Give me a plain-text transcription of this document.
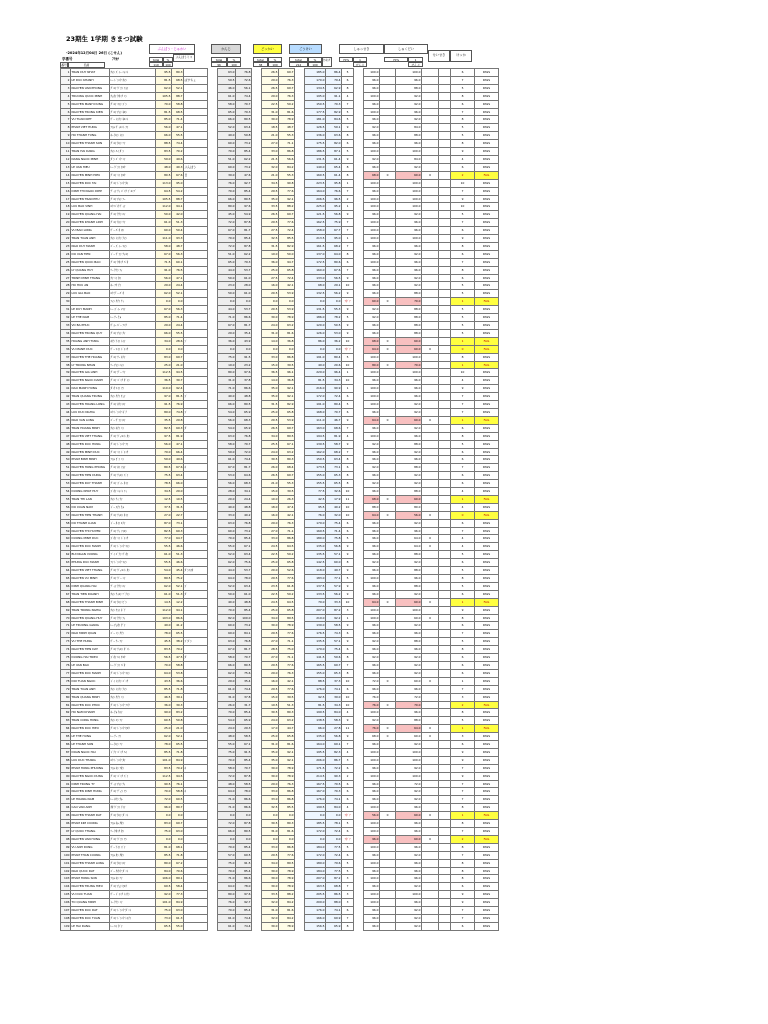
23期生 1学期 きまつ試験
-2024年12月04日 26日 (こせん)
学番号	ﾌﾘｶﾅ
ぶんぽう・じゅかい	かんじ	どっかい	ごうけい	しゅっせき	しゅくだい
せいせき	けっか
total	%
ぶんぽうミス
119	100
total	%
96	100
total	%
38	100
total	%	ﾗﾝｷﾝｸﾞ
214	100
70%	1
ぜんぶ
70%	1
ぜんぶ
番号	名前
1	TRAN DUY NHAT	ﾁｬﾝ ｽﾞｲｰ ﾆｬｯﾄ	95.5	80.3			63.0	76.8		26.5	69.7		185.0	86.4	5		100.0		100.0			6	PASS
2	LE DUC KHANH	ﾚｰ ﾄﾞｩｯｸ ｶｲﾝ	81.5	68.5	ばすちょ		59.5	72.6		29.0	76.3		170.0	79.4	6		96.0		96.0			7	PASS
3	NGUYEN VAN PHONG	ｸﾞｴﾝ ｳﾞｧﾝ ﾌｫﾝ	62.0	52.1			46.0	56.1		26.5	69.7		134.5	62.9	8		96.0		88.0			5	PASS
4	TRUONG QUOC MINH	ﾁｭｵﾝ ｸｵｯｸ ﾐﾝ	105.5	88.7			61.0	74.4		29.0	76.3		195.0	91.1	4		100.0		92.0			8	PASS
5	NGUYEN MANH DUNG	ｸﾞｴﾝ ﾏｲﾝ ｽﾞﾝ	70.0	58.8			58.0	70.7		22.5	59.2		150.5	70.3	7		96.0		92.0			6	PASS
6	NGUYEN TRONG KIEN	ｸﾞｴﾝ ﾁｮﾝ ｷｴﾝ	81.5	68.5			65.0	79.3		31.0	81.6		177.5	82.9	5		100.0		96.0			7	PASS
7	VU TUAN KIET	ｳﾞｰ ﾄｩｱﾝ ｷｴｯﾄ	85.0	71.4			66.0	80.5		30.0	78.9		181.0	84.6	5		96.0		92.0			8	PASS
8	PHAM VIET HUNG	ﾌｧﾑ ｳﾞｨｴｯﾄ ﾌﾝ	56.0	47.1			52.0	63.4		18.5	48.7		126.5	59.1	9		92.0		84.0			5	PASS
9	HO THANH TUNG	ﾎｰ ﾀｲﾝ ﾄｩﾝ	66.0	55.5			49.0	59.8		21.0	55.3		136.0	63.6	8		96.0		88.0			5	PASS
10	NGUYEN THANH SON	ｸﾞｴﾝ ﾀｲﾝ ｿﾝ	88.5	74.4			60.0	73.2		27.0	71.1		175.5	82.0	6		96.0		96.0			8	PASS
11	TRAN HAI DANG	ﾁｬﾝ ﾊｲ ﾀﾞﾝ	83.5	70.2			70.0	85.4		33.0	86.8		186.5	87.1	5		100.0		100.0			9	PASS
12	DANG NGOC MINH	ﾀﾞﾝ ｺﾞｯｸ ﾐﾝ	59.0	49.6			51.0	62.2		21.5	56.6		131.5	61.4	9		92.0		84.0			4	PASS
13	LE VAN HIEU	ﾚｰ ｳﾞｧﾝ ﾋｴｳ	48.0	40.3	ぶんぽう		60.0	73.2		32.0	84.2		140.0	65.4	8		96.0		92.0			6	PASS
14	NGUYEN MINH HIEU	ｸﾞｴﾝ ﾐﾝ ﾋｴｳ	80.5	67.6	日		39.0	47.6		21.0	55.3		160.5	61.4	8		68.0	0	60.0	0		2	FAIL
15	NGUYEN DUC TAI	ｸﾞｴﾝ ﾄﾞｩｯｸ ﾀｲ	113.0	95.0			76.0	92.7		34.5	90.8		223.5	95.8	1		100.0		100.0			10	PASS
16	DINH THI NGOC DIEP	ﾃﾞｨﾝ ﾃｨ ｺﾞｯｸ ｼﾞｴｯﾌﾟ	64.5	54.2			70.0	85.4		29.5	77.6		164.0	76.6	7		96.0		100.0			7	PASS
17	NGUYEN TRAN PHU	ｸﾞｴﾝ ﾁｬﾝ ﾌｰ	105.5	88.7			66.0	80.5		35.0	92.1		206.5	96.5	2		100.0		100.0			9	PASS
18	LUU BAO VINH	ﾙｳ ﾊﾞｵ ｳﾞｨﾝ	112.0	94.1			80.0	97.6		33.5	88.2		225.0	95.2	1		100.0		100.0			10	PASS
19	NGUYEN QUANG HAI	ｸﾞｴﾝ ｸｱﾝ ﾊｲ	50.0	42.0			45.0	54.9		26.5	69.7		121.5	56.8	9		96.0		92.0			5	PASS
20	NGUYEN KHANH LINH	ｸﾞｴﾝ ｶｲﾝ ﾘﾝ	61.0	51.3			72.0	87.8		29.5	77.6		162.5	75.9	7		100.0		96.0			7	PASS
21	VU BAO LONG	ｳﾞｰ ﾊﾞｵ ﾛﾝ	60.0	50.4			67.0	81.7		27.5	72.4		158.0	67.7	7		100.0		96.0			6	PASS
22	TRAN TUAN ANH	ﾁｬﾝ ﾄｩｱﾝ ｱｲﾝ	111.0	93.3			70.0	85.4		32.5	85.5		213.5	95.0	1		100.0		100.0			9	PASS
23	NGO DUY MANH	ｺﾞｰ ｽﾞｲｰ ﾏｲﾝ	58.0	48.7			72.0	87.8		31.5	82.9		161.5	68.2	7		96.0		96.0			8	PASS
24	DO VAN TIEN	ﾄﾞｰ ｳﾞｧﾝ ﾃｨｴﾝ	67.0	56.3			51.0	62.2		19.0	50.0		137.0	64.0	8		96.0		92.0			6	PASS
25	NGUYEN QUOC BAO	ｸﾞｴﾝ ｸｵｯｸ ﾊﾞｵ	71.5	60.1			65.0	79.3		36.0	94.7		172.5	80.6	6		100.0		96.0			7	PASS
26	LY QUANG HUY	ﾘｰ ｸｱﾝ ﾌｨ	91.0	76.5			44.0	53.7		25.0	65.8		160.0	67.6	7		96.0		96.0			8	PASS
27	TRINH MINH THANG	ﾁﾝ ﾐﾝ ﾀﾝ	56.0	47.1			50.0	61.0		27.5	72.4		133.0	56.5	9		96.0		92.0			6	PASS
28	HO HUU AN	ﾎｰ ﾌｳ ｱﾝ	29.0	24.4			23.0	28.0		16.0	42.1		68.0	29.1	10		96.0		92.0			5	PASS
29	LUU GIA BAO	ﾙｳ ｻﾞｰ ﾊﾞｵ	62.0	52.1			50.0	61.0		20.5	53.9		132.5	56.2	9		96.0		88.0			5	PASS
30		ﾌｨﾝ ｸｱﾝ ﾃｨ	0.0	0.0			0.0	0.0		0.0	0.0		0.0	0.0	ﾌﾀﾞﾌ		60.0	0	70.0			1	FAIL
31	LE DUY MANH	ﾚｰ ｽﾞｲｰ ﾏｲﾝ	67.0	56.3			44.0	53.7		20.5	53.9		131.5	55.3	9		92.0		88.0			5	PASS
32	LE THE NAM	ﾚｰ ﾃｰ ﾅﾑ	85.0	71.4			71.0	86.6		30.0	78.9		186.0	78.2	5		92.0		88.0			5	PASS
33	VO BA PHUC	ｳﾞｫｰ ﾊﾞｰ ﾌｯｸ	29.0	24.4			67.0	81.7		24.0	63.2		120.0	50.5	9		96.0		88.0			5	PASS
34	NGUYEN TRONG QUY	ｸﾞｴﾝ ﾁｮﾝ ｸｲ	66.0	55.5			29.0	35.4		31.0	81.6		126.0	53.0	9		96.0		88.0			5	PASS
35	HOANG ANH TUNG	ﾎｱﾝ ｱｲﾝ ﾄｩﾝ	34.0	28.6	ｼﾞ		36.0	43.9		14.0	36.8		86.0	36.2	10		68.0	0	60.0			1	FAIL
36	VU MANH DUC	ｳﾞｰ ﾏｲﾝ ﾄﾞｩｯｸ	0.0	0.0			0.0	0.0		0.0	0.0		0.0	0.0	ﾌﾀﾞﾌ		64.0	0	60.0	0		0	FAIL
37	NGUYEN THE HOANG	ｸﾞｴﾝ ﾃｰ ﾎｱﾝ	83.0	69.7			75.0	91.5		33.0	86.8		191.0	80.4	5		100.0		100.0			8	PASS
38	LY TRONG NHAN	ﾘｰ ﾁｮﾝ ﾆｬﾝ	25.0	21.0			19.0	23.2		15.0	39.5		49.0	20.6	10		80.0	0	70.0			1	FAIL
39	NGUYEN GIA LINH	ｸﾞｴﾝ ｻﾞｰ ﾘﾝ	112.5	94.5			80.0	97.6		36.5	96.1		229.0	96.4	1		100.0		100.0			10	PASS
40	NGUYEN NGOC DANH	ｸﾞｴﾝ ｺﾞｯｸ ﾀﾞｲﾝ	36.5	30.7			31.0	37.8		14.0	36.8		81.5	34.3	10		96.0		96.0			4	PASS
41	DAO MANH HUNG	ﾀﾞｵ ﾏｲﾝ ﾌﾝ	110.0	92.4			71.0	86.6		35.0	92.1		216.0	90.9	1		100.0		96.0			9	PASS
42	TRAN QUANG TRUNG	ﾁｬﾝ ｸｱﾝ ﾁｭﾝ	97.0	81.5	ｽﾞ		40.0	48.8		35.0	92.1		172.0	72.4	6		100.0		96.0			7	PASS
43	NGUYEN HOANG LONG	ｸﾞｴﾝ ﾎｱﾝ ﾛﾝ	91.5	76.9			66.0	80.5		31.5	82.9		191.0	80.4	5		100.0		92.0			7	PASS
44	LUU DUC NGHIA	ﾙｳ ﾄﾞｩｯｸ ｷﾞｱ	89.0	74.8	ｽﾞ		54.0	65.9		25.0	65.8		168.0	70.7	6		96.0		92.0			7	PASS
45	NGO VAN LONG	ｺﾞｰ ｳﾞｧﾝ ﾛﾝ	35.5	29.8			56.0	68.3		20.5	53.9		111.0	46.7	9		64.0	0	60.0	0		1	FAIL
46	TRAN HOANG MINH	ﾁｬﾝ ﾎｱﾝ ﾐﾝ	82.5	69.3	ﾀﾞ		54.0	65.9		26.5	69.7		163.0	68.6	7		96.0		92.0			6	PASS
47	NGUYEN VIET THANG	ｸﾞｴﾝ ｳﾞｨｴｯﾄ ﾀﾝ	97.5	81.9			63.0	76.8		34.0	89.5		194.5	81.9	4		100.0		96.0			8	PASS
48	NGUYEN DUC HUNG	ｸﾞｴﾝ ﾄﾞｩｯｸ ﾌﾝ	56.0	47.1			58.0	70.7		25.5	67.1		139.5	58.7	9		92.0		88.0			5	PASS
49	NGUYEN MINH DUC	ｸﾞｴﾝ ﾐﾝ ﾄﾞｩｯｸ	79.0	66.4			59.0	72.0		24.0	63.2		162.0	68.2	7		96.0		92.0			6	PASS
50	PHAM BINH MINH	ﾌｧﾑ ﾋﾞﾝ ﾐﾝ	59.0	49.6			61.0	74.4		30.5	80.3		150.5	63.4	8		96.0		96.0			6	PASS
51	NGUYEN HONG PHONG	ｸﾞｴﾝ ﾎﾝ ﾌｫﾝ	80.5	67.6	ﾎ		67.0	81.7		26.0	68.4		173.5	73.1	6		92.0		88.0			7	PASS
52	NGUYEN TIEN DUNG	ｸﾞｴﾝ ﾃｨｴﾝ ｽﾞﾝ	75.5	63.4			53.0	64.6		26.5	69.7		155.0	65.3	8		96.0		92.0			6	PASS
53	NGUYEN DUY THANH	ｸﾞｴﾝ ｽﾞｲｰ ﾀｲﾝ	78.5	66.0			56.0	68.3		21.0	55.3		155.5	65.5	8		92.0		92.0			6	PASS
54	DUONG NHAT HUY	ｽﾞｵﾝ ﾆｬｯﾄ ﾌｨ	34.5	29.0			28.0	34.1		15.0	39.5		77.5	32.6	10		96.0		88.0			4	PASS
55	TRAN THI LAN	ﾁｬﾝ ﾃｨ ﾗﾝ	12.5	10.5			20.0	24.4		10.0	26.3		42.5	17.9	11		68.0	0	60.0			1	FAIL
56	DO XUAN NAM	ﾄﾞｰ ｽｱﾝ ﾅﾑ	37.5	31.5			40.0	48.8		18.0	47.4		95.5	40.2	10		88.0		80.0			4	PASS
57	NGUYEN TIEN THANH	ｸﾞｴﾝ ﾃｨｴﾝ ﾀｲﾝ	27.0	22.7			33.0	40.2		16.0	42.1		76.0	32.0	10		64.0	0	56.0	0		0	FAIL
58	DO THANH LUAN	ﾄﾞｰ ﾀｲﾝ ﾙｱﾝ	87.0	73.1			63.0	76.8		29.0	76.3		179.0	75.4	6		96.0		92.0			6	PASS
59	NGUYEN THI HUYEN	ｸﾞｴﾝ ﾃｨ ﾌｲｴﾝ	82.5	69.3			60.0	73.2		27.0	71.1		169.5	71.4	6		96.0		96.0			7	PASS
60	DUONG MINH DUC	ｽﾞｵﾝ ﾐﾝ ﾄﾞｩｯｸ	77.0	64.7			70.0	85.4		33.0	86.8		180.0	75.8	5		96.0		64.0	0		4	PASS
61	NGUYEN DUC MANH	ｸﾞｴﾝ ﾄﾞｩｯｸ ﾏｲﾝ	55.5	46.6			55.0	67.1		24.5	64.5		135.0	56.8	9		96.0		64.0	0		4	PASS
62	BUI NGAN VUONG	ﾌﾞｲ ｺﾞｱﾝ ｳﾞｵﾝ	61.0	51.3			52.0	63.4		22.5	59.2		135.5	57.1	9		96.0		88.0			5	PASS
63	PHUNG DUC MANH	ﾌﾝ ﾄﾞｩｯｸ ﾏｲﾝ	55.5	46.6			62.0	75.6		25.0	65.8		142.5	60.0	8		92.0		92.0			6	PASS
64	NGUYEN VIET THANG	ｸﾞｴﾝ ｳﾞｨｴｯﾄ ﾀﾝ	54.0	45.4	ﾀﾞﾝｽｽｶ		44.0	53.7		20.0	52.6		118.0	49.7	9		96.0		88.0			5	PASS
65	NGUYEN VU MINH	ｸﾞｴﾝ ｳﾞｰ ﾐﾝ	89.5	75.2			64.0	78.0		29.5	77.6		183.0	77.1	5		100.0		96.0			8	PASS
66	DINH QUANG HAI	ﾃﾞｨﾝ ｸｱﾝ ﾊｲ	62.0	52.1	ｽﾞ		52.0	63.4		23.5	61.8		137.5	57.9	9		96.0		88.0			5	PASS
67	TRAN TIEN DOANH	ﾁｬﾝ ﾃｨｴﾝ ｿﾞｱｲﾝ	61.0	51.3	ﾀﾞ		50.0	61.0		22.5	59.2		133.5	56.2	9		96.0		92.0			6	PASS
68	NGUYEN THANH BINH	ｸﾞｴﾝ ﾀｲﾝ ﾋﾞﾝ	14.5	12.2			40.0	48.8		24.5	64.5		79.0	33.3	10		64.0	0	60.0	0		1	FAIL
69	TRAN TRONG NGHIA	ﾁｬﾝ ﾁｮﾝ ｷﾞｱ	112.0	94.1			70.0	85.4		25.0	65.8		207.0	87.2	3		100.0		100.0			9	PASS
70	NGUYEN QUANG HUY	ｸﾞｴﾝ ｸｱﾝ ﾌｨ	103.0	86.6			82.0	100.0		34.0	89.5		219.0	92.2	1		100.0		60.0	0		8	PASS
71	LE TRUONG GIANG	ﾚｰ ﾁｭｵﾝ ｻﾞﾝ	49.0	41.2			60.0	73.2		30.0	78.9		139.0	58.5	9		96.0		92.0			6	PASS
72	NGO MINH QUAN	ｺﾞｰ ﾐﾝ ｸｱﾝ	78.0	65.5			69.0	84.1		29.5	77.6		176.5	74.3	6		96.0		96.0			7	PASS
73	VU THE HUNG	ｳﾞｰ ﾃｰ ﾌﾝ	45.5	38.2	ｽﾞﾀﾞﾝ		63.0	76.8		27.0	71.1		135.5	57.1	9		92.0		88.0			5	PASS
74	NGUYEN TIEN DAT	ｸﾞｴﾝ ﾃｨｴﾝ ﾀﾞｯﾄ	83.5	70.2			67.0	81.7		28.5	75.0		179.0	75.4	6		96.0		96.0			8	PASS
75	DUONG HAI TRIEU	ｽﾞｵﾝ ﾊｲ ﾁｴｳ	56.5	47.5	ﾀﾞ		58.0	70.7		27.0	71.1		141.5	59.6	8		92.0		92.0			6	PASS
76	LE VAN BAO	ﾚｰ ｳﾞｧﾝ ﾊﾞｵ	70.0	58.8			66.0	80.5		29.5	77.6		165.5	69.7	7		96.0		92.0			6	PASS
77	NGUYEN DUC MANH	ｸﾞｴﾝ ﾄﾞｩｯｸ ﾏｲﾝ	64.0	53.8			62.0	75.6		29.0	76.3		155.0	65.3	8		96.0		92.0			6	PASS
78	DOI TUAN NGOC	ﾄﾞｲ ﾄｩｱﾝ ｺﾞｯｸ	43.5	36.6			29.0	35.4		16.0	42.1		88.5	37.3	10		72.0	0	60.0	0		1	PASS
79	TRAN TUAN ANH	ﾁｬﾝ ﾄｩｱﾝ ｱｲﾝ	85.5	71.8			61.0	74.4		29.5	77.6		176.0	74.1	6		96.0		96.0			7	PASS
80	TRAN QUANG MINH	ﾁｬﾝ ｸｱﾝ ﾐﾝ	46.5	39.1			31.0	37.8		15.0	39.5		92.5	39.0	10		76.0		72.0			3	PASS
81	NGUYEN DUC PHUC	ｸﾞｴﾝ ﾄﾞｩｯｸ ﾌｯｸ	36.0	30.3			26.0	31.7		19.5	51.3		81.5	34.3	10		76.0	0	70.0			2	FAIL
82	HO NAM KHANH	ﾎｰ ﾅﾑ ｶｲﾝ	99.0	83.2			70.0	85.4		30.5	80.3		199.5	84.0	4		100.0		96.0			8	PASS
83	TRAN CONG HUNG	ﾁｬﾝ ｺﾝ ﾌﾝ	60.5	50.8			54.0	65.9		24.0	63.2		138.5	58.3	9		92.0		88.0			5	PASS
84	NGUYEN DUC HIEU	ｸﾞｴﾝ ﾄﾞｩｯｸ ﾋｴｳ	25.0	21.0			24.0	29.3		17.0	44.7		66.0	27.8	11		76.0	0	64.0	0		1	FAIL
85	LE THE HUNG	ﾚｰ ﾃｰ ﾌﾝ	62.0	52.1			48.0	58.5		25.0	65.8		135.0	56.8	9		68.0	0	60.0	0		3	PASS
86	LE THANH SON	ﾚｰ ﾀｲﾝ ｿﾝ	78.0	65.5			55.0	67.1		31.0	81.6		164.0	69.1	7		96.0		92.0			6	PASS
87	DOAN NGOC HAI	ﾄﾞｱﾝ ｺﾞｯｸ ﾊｲ	85.5	71.8			75.0	91.5		35.0	92.1		195.5	82.3	4		100.0		100.0			9	PASS
88	LUU DUC THANG	ﾙｳ ﾄﾞｩｯｸ ﾀﾝ	101.0	84.9			70.0	85.4		35.0	92.1		206.0	86.7	3		100.0		100.0			9	PASS
89	PHAM HONG PHUONG	ﾌｧﾑ ﾎﾝ ﾌｵﾝ	83.5	70.2	ﾎ		58.0	70.7		30.0	78.9		171.5	72.2	6		96.0		92.0			7	PASS
90	NGUYEN NGOC DUNG	ｸﾞｴﾝ ｺﾞｯｸ ｽﾞﾝ	112.5	94.5			72.0	87.8		30.0	78.9		214.5	90.3	2		100.0		100.0			9	PASS
91	DINH TRONG TY	ﾃﾞｨﾝ ﾁｮﾝ ﾃｨ	90.5	76.1			48.0	58.5		29.0	76.3		167.5	70.5	6		96.0		72.0			7	PASS
92	NGUYEN DINH HUNG	ｸﾞｴﾝ ﾃﾞｨﾝ ﾌﾝ	70.0	58.8	ﾎ		64.0	78.0		33.0	86.8		167.0	70.3	6		96.0		92.0			7	PASS
93	LE HOANG NAM	ﾚｰ ﾎｱﾝ ﾅﾑ	72.0	60.5			71.0	86.6		33.0	86.8		176.0	74.1	6		96.0		92.0			7	PASS
94	CAO VAN ANH	ｶｵ ｳﾞｧﾝ ｱｲﾝ	96.0	80.7			71.0	86.6		32.5	85.5		199.5	84.0	4		100.0		96.0			8	PASS
95	NGUYEN THANH DAT	ｸﾞｴﾝ ﾀｲﾝ ﾀﾞｯﾄ	0.0	0.0			0.0	0.0		0.0	0.0		0.0	0.0	ﾌﾀﾞﾌ		56.0	0	60.0	0		1	FAIL
96	PHAM KIM CUONG	ﾌｧﾑ ｷﾑ ｸｵﾝ	83.0	69.7			72.0	87.8		30.5	80.3		185.5	78.1	5		100.0		96.0			8	PASS
97	LY QUOC THANG	ﾘｰ ｸｵｯｸ ﾀﾝ	75.0	63.0			66.0	80.5		31.0	81.6		172.0	72.4	6		100.0		96.0			7	PASS
98	NGUYEN VAN HUNG	ｸﾞｴﾝ ｳﾞｧﾝ ﾌﾝ	0.0	0.0			0.0	0.0		0.0	0.0		0.0	0.0	ﾌﾀﾞﾌ		96.0		60.0	0		2	FAIL
99	VU ANH DUNG	ｳﾞｰ ｱｲﾝ ｽﾞﾝ	81.0	68.1			70.0	85.4		33.0	86.8		184.0	77.5	5		100.0		96.0			8	PASS
100	PHAM THAN CUONG	ﾌｧﾑ ﾀﾝ ｸｵﾝ	85.5	71.8			57.0	69.5		29.5	77.6		172.0	72.4	6		96.0		92.0			7	PASS
101	NGUYEN THANH LONG	ｸﾞｴﾝ ﾀｲﾝ ﾛﾝ	80.0	67.2			75.0	91.5		34.0	89.5		189.0	79.6	5		100.0		96.0			8	PASS
102	NGO QUOC DAT	ｺﾞｰ ｸｵｯｸ ﾀﾞｯﾄ	84.0	70.6			70.0	85.4		30.0	78.9		184.0	77.5	5		96.0		96.0			8	PASS
103	PHAM HONG SON	ﾌｧﾑ ﾎﾝ ｿﾝ	106.0	89.1			71.0	86.6		30.0	78.9		207.0	87.2	3		100.0		96.0			8	PASS
104	NGUYEN TRUNG HIEU	ｸﾞｴﾝ ﾁｭﾝ ﾋｴｳ	69.5	58.4			64.0	78.0		30.0	78.9		163.5	68.8	7		96.0		92.0			6	PASS
105	VU DUC TUAN	ｳﾞｰ ﾄﾞｩｯｸ ﾄｩｱﾝ	92.0	77.3			80.0	97.6		33.5	88.2		205.5	86.5	3		100.0		100.0			9	PASS
106	TO QUANG MINH	ﾄｰ ｸｱﾝ ﾐﾝ	101.0	84.9			76.0	92.7		32.0	84.2		209.0	88.0	3		100.0		96.0			9	PASS
107	NGUYEN DUC DAT	ｸﾞｴﾝ ﾄﾞｩｯｸ ﾀﾞｯﾄ	75.0	63.0			70.0	85.4		31.0	81.6		176.0	74.1	6		96.0		92.0			7	PASS
108	NGUYEN DUC TUAN	ｸﾞｴﾝ ﾄﾞｩｯｸ ﾄｩｱﾝ	73.0	61.3			61.0	74.4		32.0	84.2		166.0	69.9	7		96.0		92.0			7	PASS
109	LE HAI DANG	ﾚｰ ﾊｲ ﾀﾞﾝ	65.5	55.0			61.0	74.4		30.0	78.9		156.5	65.9	8		96.0		92.0			6	PASS
